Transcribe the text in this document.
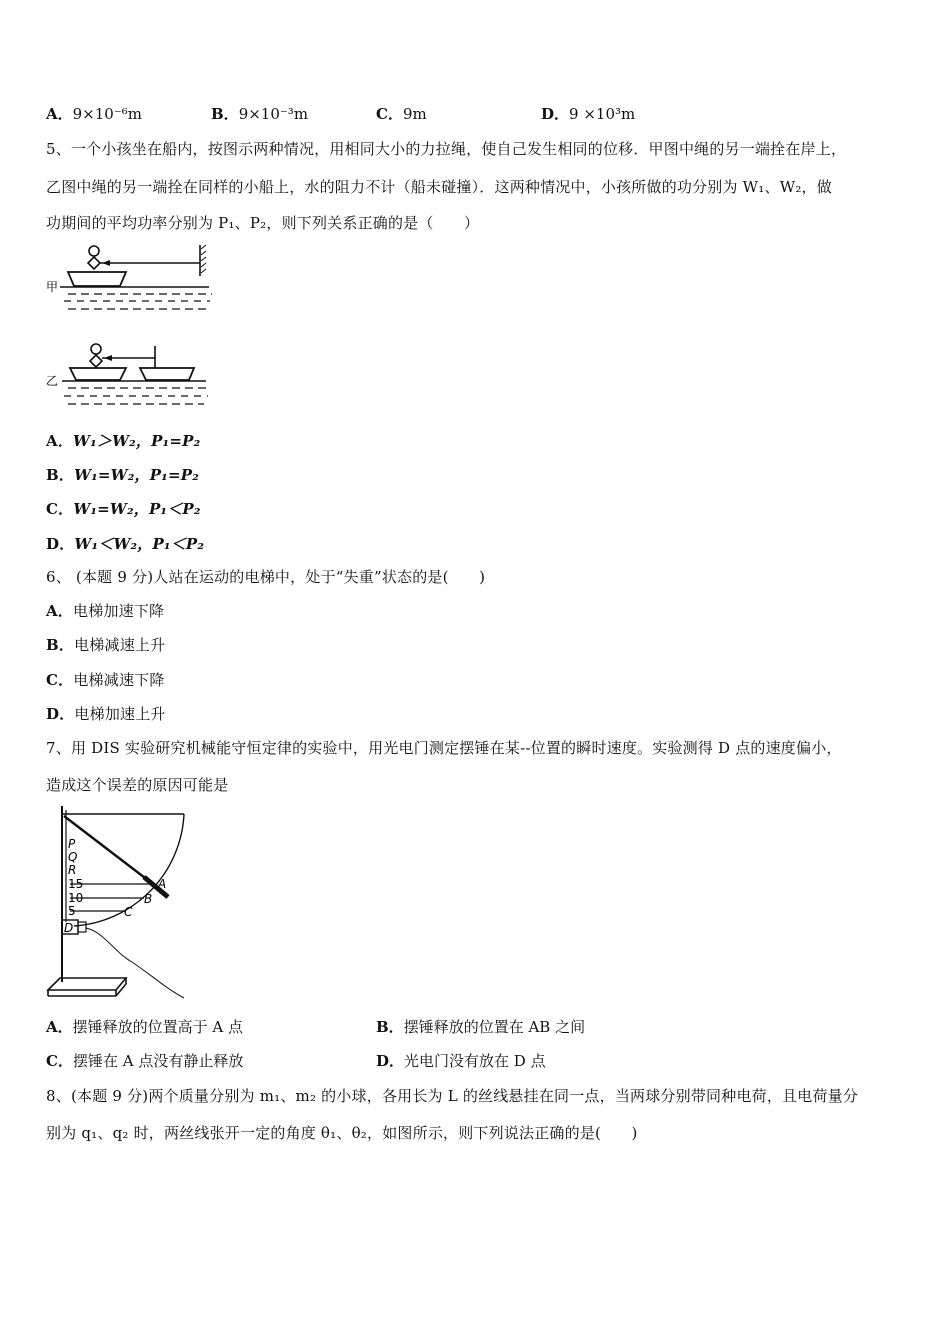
A．9×10⁻⁶m	B．9×10⁻³m	C．9m	D．9 ×10³m
5、一个小孩坐在船内，按图示两种情况，用相同大小的力拉绳，使自己发生相同的位移．甲图中绳的另一端拴在岸上，
乙图中绳的另一端拴在同样的小船上，水的阻力不计（船未碰撞）．这两种情况中，小孩所做的功分别为 W₁、W₂，做
功期间的平均功率分别为 P₁、P₂，则下列关系正确的是（　　）
甲
乙
A．W₁＞W₂，P₁=P₂
B．W₁=W₂，P₁=P₂
C．W₁=W₂，P₁＜P₂
D．W₁＜W₂，P₁＜P₂
6、 (本题 9 分)人站在运动的电梯中，处于“失重”状态的是(　　)
A．电梯加速下降
B．电梯减速上升
C．电梯减速下降
D．电梯加速上升
7、用 DIS 实验研究机械能守恒定律的实验中，用光电门测定摆锤在某--位置的瞬时速度。实验测得 D 点的速度偏小，
造成这个误差的原因可能是
P
Q
R
15
10
5
D
A
B
C
A．摆锤释放的位置高于 A 点	B．摆锤释放的位置在 AB 之间
C．摆锤在 A 点没有静止释放	D．光电门没有放在 D 点
8、(本题 9 分)两个质量分别为 m₁、m₂ 的小球，各用长为 L 的丝线悬挂在同一点，当两球分别带同种电荷，且电荷量分
别为 q₁、q₂ 时，两丝线张开一定的角度 θ₁、θ₂，如图所示，则下列说法正确的是(　　)
